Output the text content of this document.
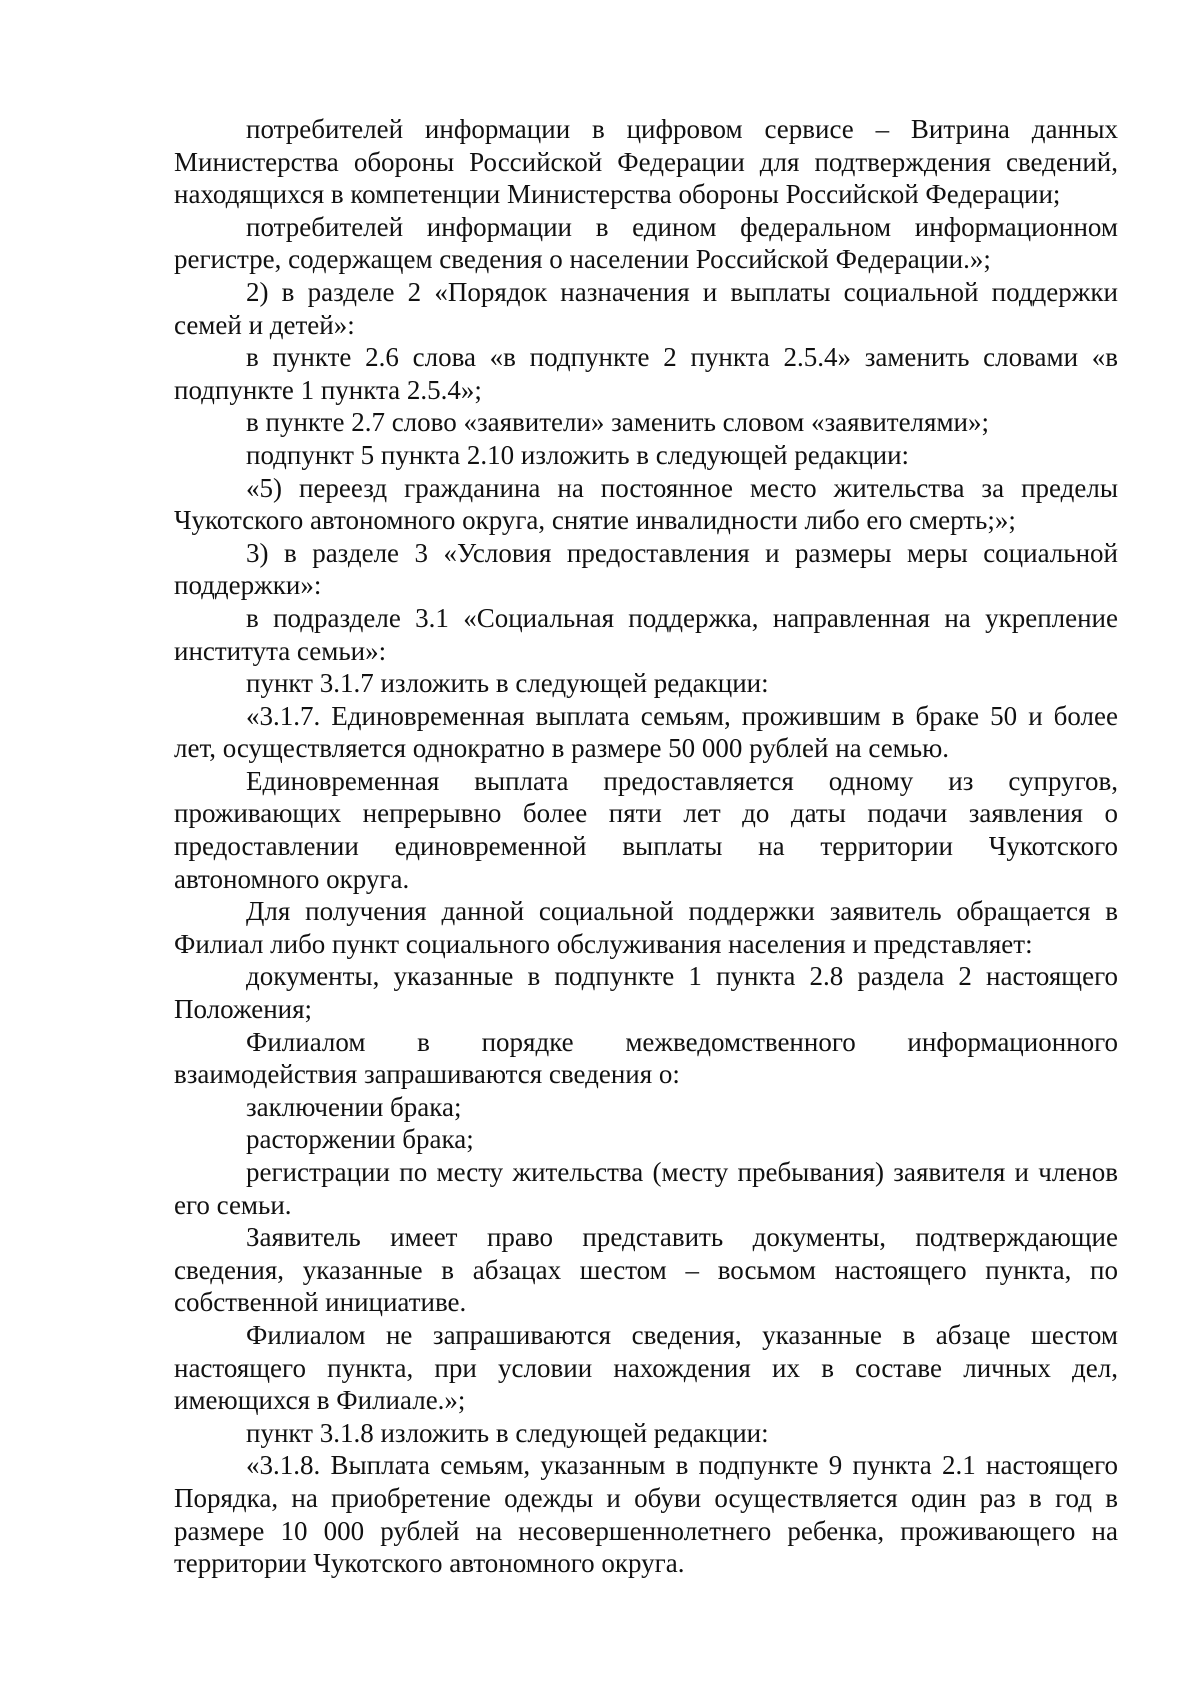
потребителей информации в цифровом сервисе – Витрина данных Министерства обороны Российской Федерации для подтверждения сведений, находящихся в компетенции Министерства обороны Российской Федерации;

потребителей информации в едином федеральном информационном регистре, содержащем сведения о населении Российской Федерации.»;

2) в разделе 2 «Порядок назначения и выплаты социальной поддержки семей и детей»:

в пункте 2.6 слова «в подпункте 2 пункта 2.5.4» заменить словами «в подпункте 1 пункта 2.5.4»;

в пункте 2.7 слово «заявители» заменить словом «заявителями»;

подпункт 5 пункта 2.10 изложить в следующей редакции:

«5) переезд гражданина на постоянное место жительства за пределы Чукотского автономного округа, снятие инвалидности либо его смерть;»;

3) в разделе 3 «Условия предоставления и размеры меры социальной поддержки»:

в подразделе 3.1 «Социальная поддержка, направленная на укрепление института семьи»:

пункт 3.1.7 изложить в следующей редакции:

«3.1.7. Единовременная выплата семьям, прожившим в браке 50 и более лет, осуществляется однократно в размере 50 000 рублей на семью.

Единовременная выплата предоставляется одному из супругов, проживающих непрерывно более пяти лет до даты подачи заявления о предоставлении единовременной выплаты на территории Чукотского автономного округа.

Для получения данной социальной поддержки заявитель обращается в Филиал либо пункт социального обслуживания населения и представляет:

документы, указанные в подпункте 1 пункта 2.8 раздела 2 настоящего Положения;

Филиалом в порядке межведомственного информационного взаимодействия запрашиваются сведения о:

заключении брака;

расторжении брака;

регистрации по месту жительства (месту пребывания) заявителя и членов его семьи.

Заявитель имеет право представить документы, подтверждающие сведения, указанные в абзацах шестом – восьмом настоящего пункта, по собственной инициативе.

Филиалом не запрашиваются сведения, указанные в абзаце шестом настоящего пункта, при условии нахождения их в составе личных дел, имеющихся в Филиале.»;

пункт 3.1.8 изложить в следующей редакции:

«3.1.8. Выплата семьям, указанным в подпункте 9 пункта 2.1 настоящего Порядка, на приобретение одежды и обуви осуществляется один раз в год в размере 10 000 рублей на несовершеннолетнего ребенка, проживающего на территории Чукотского автономного округа.
